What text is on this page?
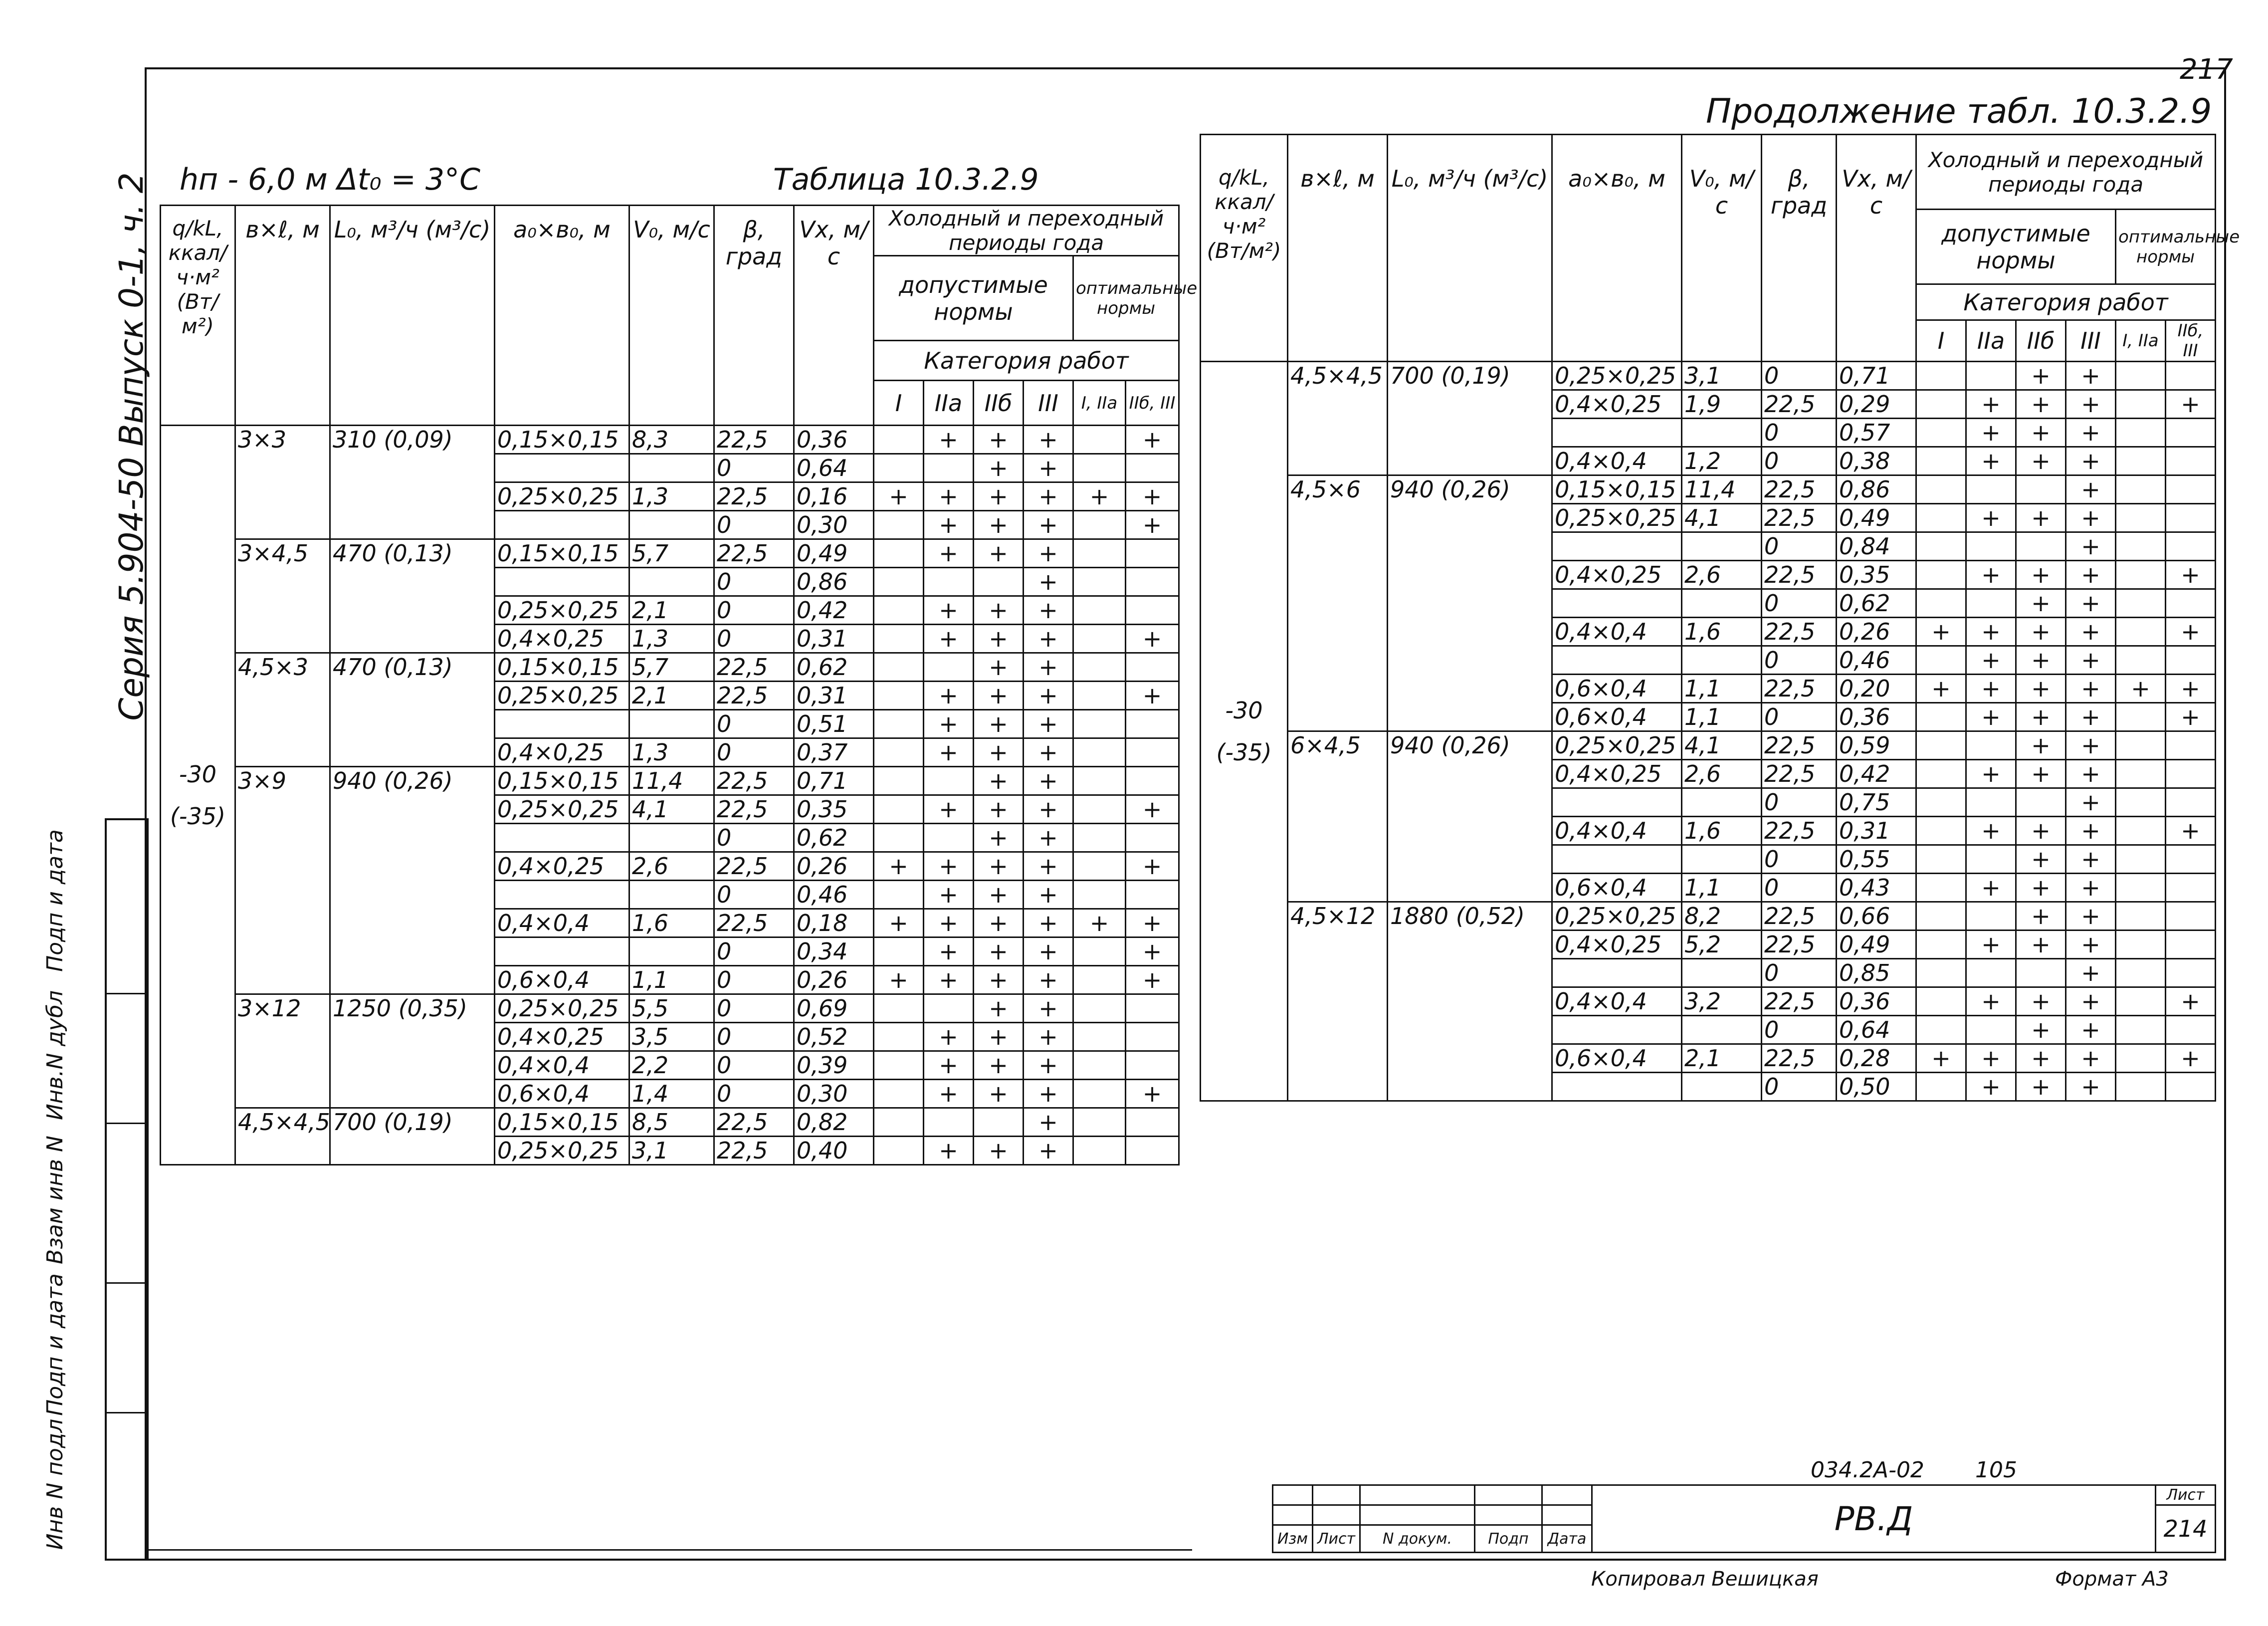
217
Продолжение табл. 10.3.2.9
hп - 6,0 м Δt₀ = 3°C	Таблица 10.3.2.9
Серия 5.904-50 Выпуск 0-1, ч. 2
Подп и дата
Инв.N дубл
Взам инв N
Подп и дата
Инв N подл
q/kL, ккал/ч·м² (Вт/м²)	в×ℓ, м	L₀, м³/ч (м³/с)	a₀×в₀, м	V₀, м/с	β, град	Vx, м/с	Холодный и переходный периоды года					
							допустимые нормы				оптимальные нормы	
							Категория работ					
							I	IIа	IIб	III	I, IIа	IIб, III

-30
(-35)	3×3	310 (0,09)	0,15×0,15	8,3	22,5	0,36		+	+	+		+
					0	0,64			+	+		
			0,25×0,25	1,3	22,5	0,16	+	+	+	+	+	+
					0	0,30		+	+	+		+
	3×4,5	470 (0,13)	0,15×0,15	5,7	22,5	0,49		+	+	+		
					0	0,86				+		
			0,25×0,25	2,1	0	0,42		+	+	+		
			0,4×0,25	1,3	0	0,31		+	+	+		+
	4,5×3	470 (0,13)	0,15×0,15	5,7	22,5	0,62			+	+		
			0,25×0,25	2,1	22,5	0,31		+	+	+		+
					0	0,51		+	+	+		
			0,4×0,25	1,3	0	0,37		+	+	+		
	3×9	940 (0,26)	0,15×0,15	11,4	22,5	0,71			+	+		
			0,25×0,25	4,1	22,5	0,35		+	+	+		+
					0	0,62			+	+		
			0,4×0,25	2,6	22,5	0,26	+	+	+	+		+
					0	0,46		+	+	+		
			0,4×0,4	1,6	22,5	0,18	+	+	+	+	+	+
					0	0,34		+	+	+		+
			0,6×0,4	1,1	0	0,26	+	+	+	+		+
	3×12	1250 (0,35)	0,25×0,25	5,5	0	0,69			+	+		
			0,4×0,25	3,5	0	0,52		+	+	+		
			0,4×0,4	2,2	0	0,39		+	+	+		
			0,6×0,4	1,4	0	0,30		+	+	+		+
	4,5×4,5	700 (0,19)	0,15×0,15	8,5	22,5	0,82				+		
			0,25×0,25	3,1	22,5	0,40		+	+	+		
q/kL, ккал/ч·м² (Вт/м²)	в×ℓ, м	L₀, м³/ч (м³/с)	a₀×в₀, м	V₀, м/с	β, град	Vx, м/с	Холодный и переходный периоды года					
							допустимые нормы				оптимальные нормы	
							Категория работ					
							I	IIа	IIб	III	I, IIа	IIб, III

-30
(-35)	4,5×4,5	700 (0,19)	0,25×0,25	3,1	0	0,71			+	+		
			0,4×0,25	1,9	22,5	0,29		+	+	+		+
					0	0,57		+	+	+		
			0,4×0,4	1,2	0	0,38		+	+	+		
	4,5×6	940 (0,26)	0,15×0,15	11,4	22,5	0,86				+		
			0,25×0,25	4,1	22,5	0,49		+	+	+		
					0	0,84				+		
			0,4×0,25	2,6	22,5	0,35		+	+	+		+
					0	0,62			+	+		
			0,4×0,4	1,6	22,5	0,26	+	+	+	+		+
					0	0,46		+	+	+		
			0,6×0,4	1,1	22,5	0,20	+	+	+	+	+	+
			0,6×0,4	1,1	0	0,36		+	+	+		+
	6×4,5	940 (0,26)	0,25×0,25	4,1	22,5	0,59			+	+		
			0,4×0,25	2,6	22,5	0,42		+	+	+		
					0	0,75				+		
			0,4×0,4	1,6	22,5	0,31		+	+	+		+
					0	0,55			+	+		
			0,6×0,4	1,1	0	0,43		+	+	+		
	4,5×12	1880 (0,52)	0,25×0,25	8,2	22,5	0,66			+	+		
			0,4×0,25	5,2	22,5	0,49		+	+	+		
					0	0,85				+		
			0,4×0,4	3,2	22,5	0,36		+	+	+		+
					0	0,64			+	+		
			0,6×0,4	2,1	22,5	0,28	+	+	+	+		+
					0	0,50		+	+	+		
034.2А-02 105
					РВ.Д	Лист
						214
Изм	Лист	N докум.	Подп	Дата		
Копировал Вешицкая	Формат А3
